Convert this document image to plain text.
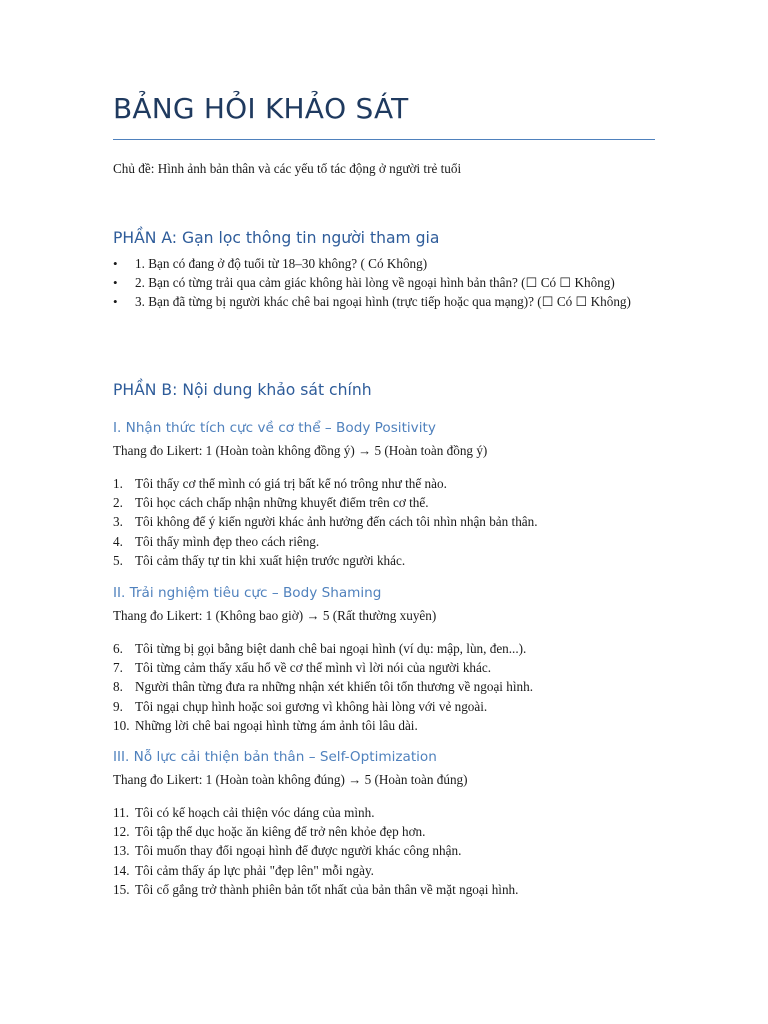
BẢNG HỎI KHẢO SÁT
Chủ đề: Hình ảnh bản thân và các yếu tố tác động ở người trẻ tuổi
PHẦN A: Gạn lọc thông tin người tham gia
• 1. Bạn có đang ở độ tuổi từ 18–30 không? ( Có Không)
• 2. Bạn có từng trải qua cảm giác không hài lòng về ngoại hình bản thân? (☐ Có ☐ Không)
• 3. Bạn đã từng bị người khác chê bai ngoại hình (trực tiếp hoặc qua mạng)? (☐ Có ☐ Không)
PHẦN B: Nội dung khảo sát chính
I. Nhận thức tích cực về cơ thể – Body Positivity
Thang đo Likert: 1 (Hoàn toàn không đồng ý) → 5 (Hoàn toàn đồng ý)
1. Tôi thấy cơ thể mình có giá trị bất kể nó trông như thế nào.
2. Tôi học cách chấp nhận những khuyết điểm trên cơ thể.
3. Tôi không để ý kiến người khác ảnh hưởng đến cách tôi nhìn nhận bản thân.
4. Tôi thấy mình đẹp theo cách riêng.
5. Tôi cảm thấy tự tin khi xuất hiện trước người khác.
II. Trải nghiệm tiêu cực – Body Shaming
Thang đo Likert: 1 (Không bao giờ) → 5 (Rất thường xuyên)
6. Tôi từng bị gọi bằng biệt danh chê bai ngoại hình (ví dụ: mập, lùn, đen...).
7. Tôi từng cảm thấy xấu hổ về cơ thể mình vì lời nói của người khác.
8. Người thân từng đưa ra những nhận xét khiến tôi tổn thương về ngoại hình.
9. Tôi ngại chụp hình hoặc soi gương vì không hài lòng với vẻ ngoài.
10. Những lời chê bai ngoại hình từng ám ảnh tôi lâu dài.
III. Nỗ lực cải thiện bản thân – Self-Optimization
Thang đo Likert: 1 (Hoàn toàn không đúng) → 5 (Hoàn toàn đúng)
11. Tôi có kế hoạch cải thiện vóc dáng của mình.
12. Tôi tập thể dục hoặc ăn kiêng để trở nên khỏe đẹp hơn.
13. Tôi muốn thay đổi ngoại hình để được người khác công nhận.
14. Tôi cảm thấy áp lực phải "đẹp lên" mỗi ngày.
15. Tôi cố gắng trở thành phiên bản tốt nhất của bản thân về mặt ngoại hình.
